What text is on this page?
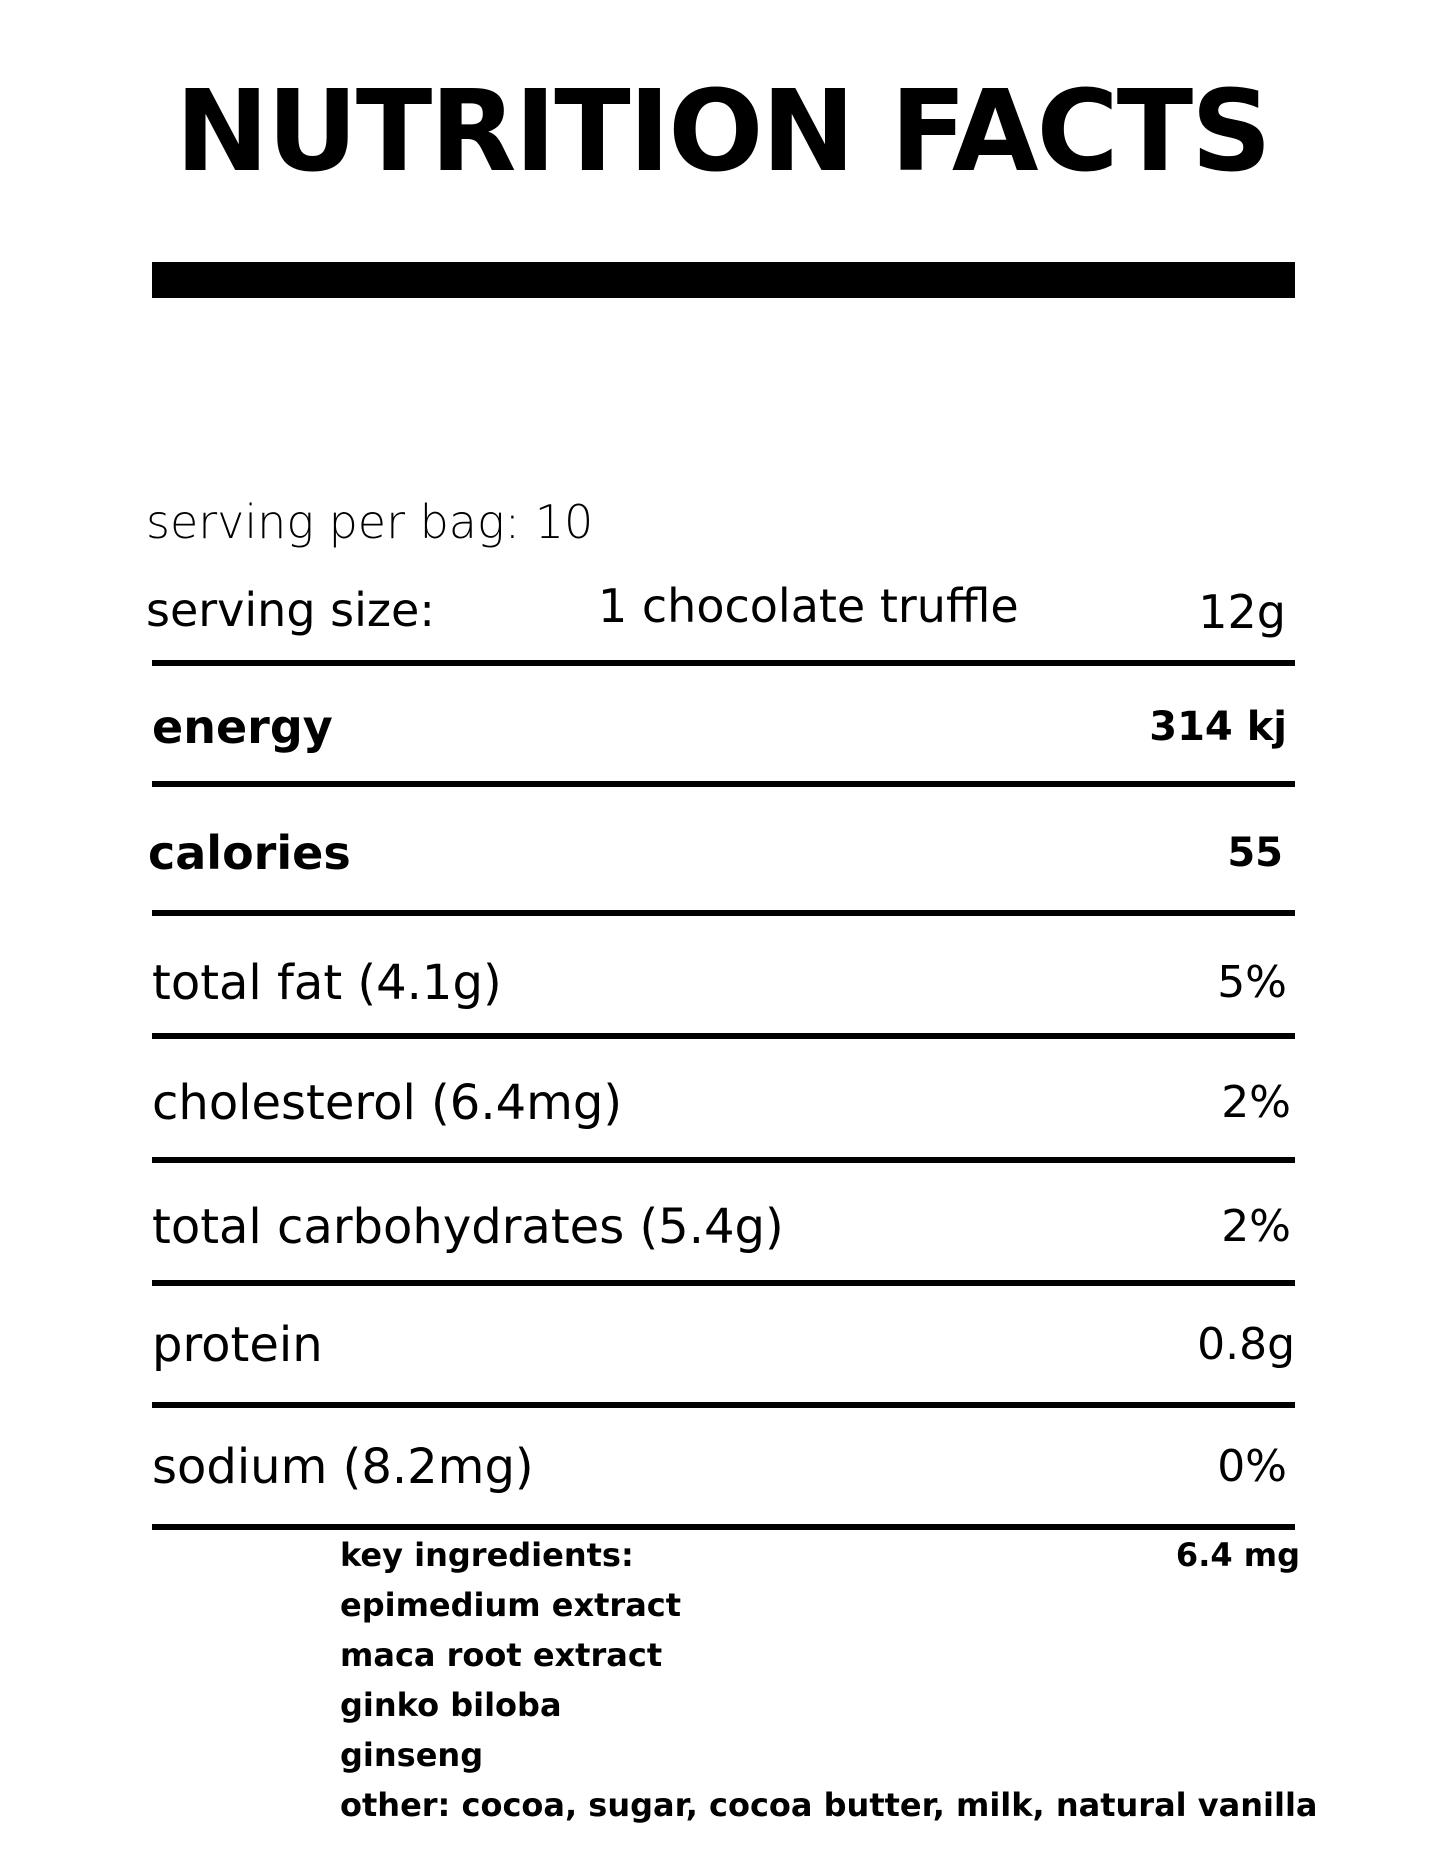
NUTRITION FACTS
serving per bag: 10
serving size:	1 chocolate truffle	12g
energy	314 kj
calories	55
total fat (4.1g)	5%
cholesterol (6.4mg)	2%
total carbohydrates (5.4g)	2%
protein	0.8g
sodium (8.2mg)	0%
key ingredients:	6.4 mg
epimedium extract
maca root extract
ginko biloba
ginseng
other: cocoa, sugar, cocoa butter, milk, natural vanilla
